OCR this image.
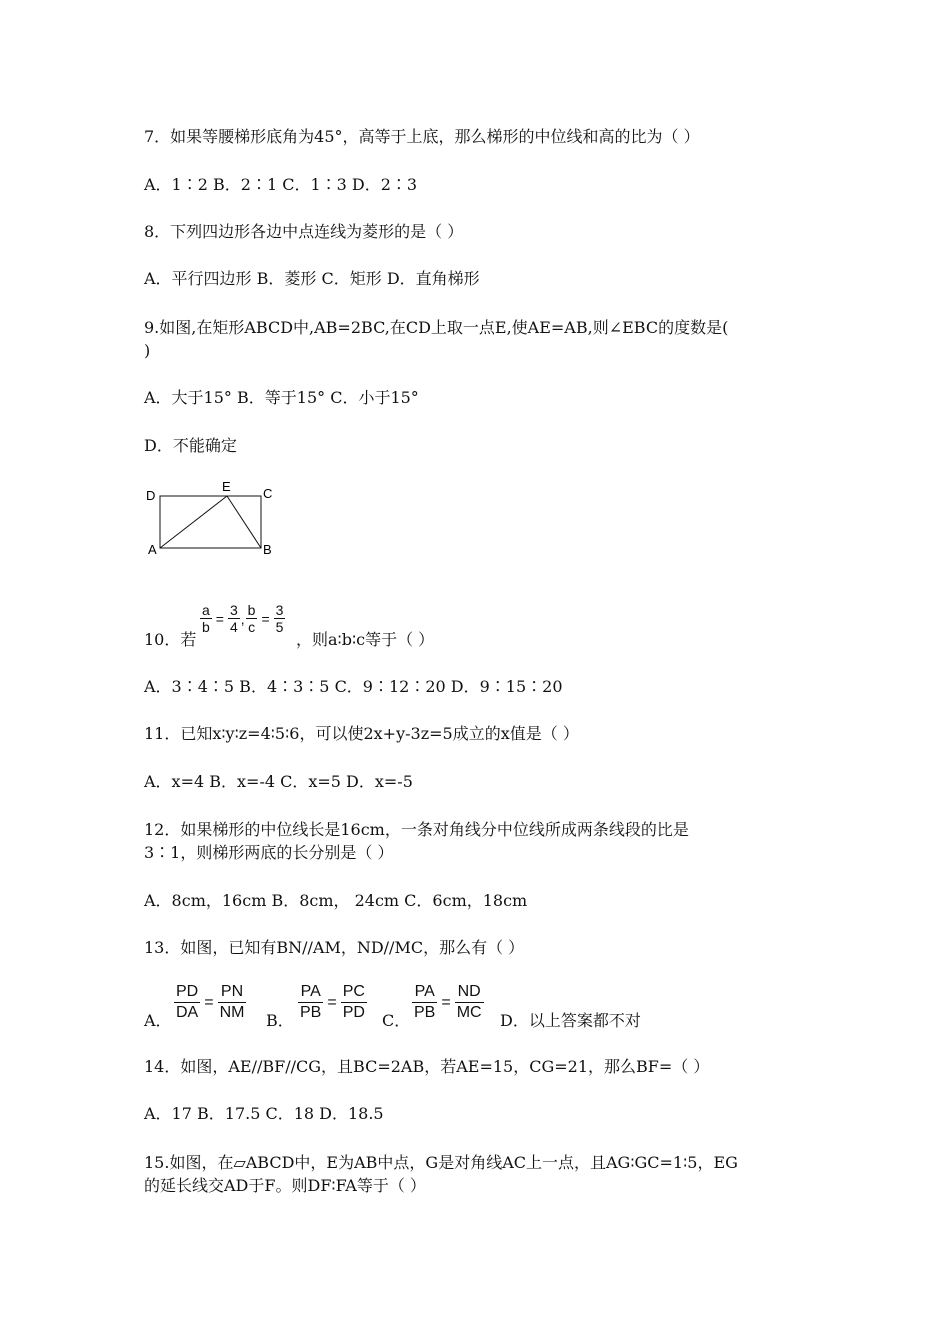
7．如果等腰梯形底角为45°，高等于上底，那么梯形的中位线和高的比为（ ）
A．1∶2 B．2∶1 C．1∶3 D．2∶3
8．下列四边形各边中点连线为菱形的是（ ）
A．平行四边形 B．菱形 C．矩形 D．直角梯形
9.如图,在矩形ABCD中,AB=2BC,在CD上取一点E,使AE=AB,则∠EBC的度数是(
)
A．大于15° B．等于15° C．小于15°
D．不能确定
D
E C
A	B
10．若
$\frac{a}{b} = \frac{3}{4}$ , $\frac{b}{c} = \frac{3}{5}$
，则a∶b∶c等于（ ）
A．3∶4∶5 B．4∶3∶5 C．9∶12∶20 D．9∶15∶20
11．已知x∶y∶z=4∶5∶6，可以使2x+y-3z=5成立的x值是（ ）
A．x=4 B．x=-4 C．x=5 D．x=-5
12．如果梯形的中位线长是16cm，一条对角线分中位线所成两条线段的比是
3∶1，则梯形两底的长分别是（ ）
A．8cm，16cm B．8cm， 24cm C．6cm，18cm
13．如图，已知有BN//AM，ND//MC，那么有（ ）
A． $\frac{PD}{DA} = \frac{PN}{NM}$ B． $\frac{PA}{PB} = \frac{PC}{PD}$ C． $\frac{PA}{PB} = \frac{ND}{MC}$ D．以上答案都不对
14．如图，AE//BF//CG，且BC=2AB，若AE=15，CG=21，那么BF=（ ）
A．17 B．17.5 C．18 D．18.5
15.如图，在▱ABCD中，E为AB中点，G是对角线AC上一点，且AG∶GC=1∶5，EG
的延长线交AD于F。则DF∶FA等于（ ）
